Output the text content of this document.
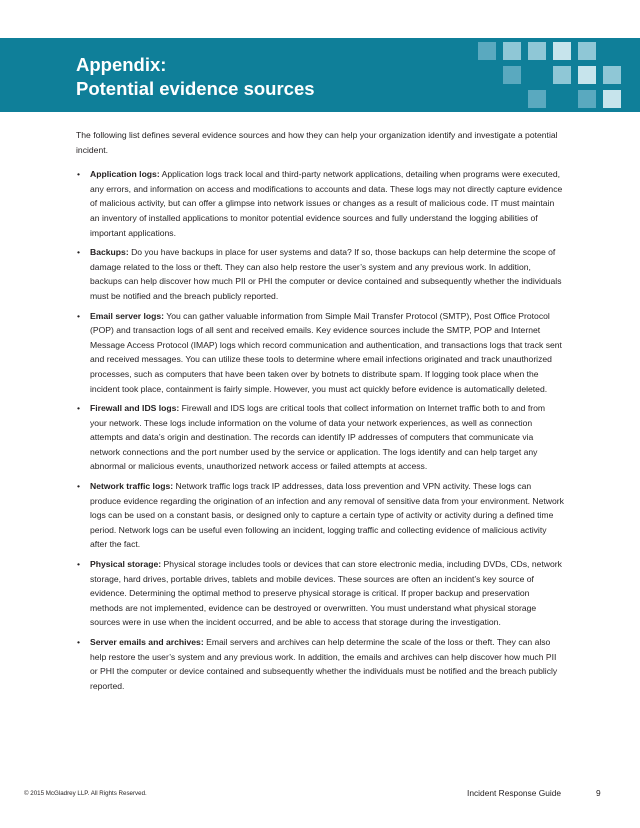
Appendix:
Potential evidence sources

The following list defines several evidence sources and how they can help your organization identify and investigate a potential incident.

• Application logs: Application logs track local and third-party network applications, detailing when programs were executed, any errors, and information on access and modifications to accounts and data. These logs may not directly capture evidence of malicious activity, but can offer a glimpse into network issues or changes as a result of malicious code. IT must maintain an inventory of installed applications to monitor potential evidence sources and fully understand the logging abilities of important applications.
• Backups: Do you have backups in place for user systems and data? If so, those backups can help determine the scope of damage related to the loss or theft. They can also help restore the user’s system and any previous work. In addition, backups can help discover how much PII or PHI the computer or device contained and subsequently whether the individuals must be notified and the breach publicly reported.
• Email server logs: You can gather valuable information from Simple Mail Transfer Protocol (SMTP), Post Office Protocol (POP) and transaction logs of all sent and received emails. Key evidence sources include the SMTP, POP and Internet Message Access Protocol (IMAP) logs which record communication and authentication, and transactions logs that track sent and received messages. You can utilize these tools to determine where email infections originated and track unauthorized processes, such as computers that have been taken over by botnets to distribute spam. If logging took place when the incident took place, containment is fairly simple. However, you must act quickly before evidence is automatically deleted.
• Firewall and IDS logs: Firewall and IDS logs are critical tools that collect information on Internet traffic both to and from your network. These logs include information on the volume of data your network experiences, as well as connection attempts and data’s origin and destination. The records can identify IP addresses of computers that communicate via network connections and the port number used by the service or application. The logs identify and can help target any abnormal or malicious events, unauthorized network access or failed attempts at access.
• Network traffic logs: Network traffic logs track IP addresses, data loss prevention and VPN activity. These logs can produce evidence regarding the origination of an infection and any removal of sensitive data from your environment. Network logs can be used on a constant basis, or designed only to capture a certain type of activity or activity during a defined time period. Network logs can be useful even following an incident, logging traffic and collecting evidence of malicious activity after the fact.
• Physical storage: Physical storage includes tools or devices that can store electronic media, including DVDs, CDs, network storage, hard drives, portable drives, tablets and mobile devices. These sources are often an incident’s key source of evidence. Determining the optimal method to preserve physical storage is critical. If proper backup and preservation methods are not implemented, evidence can be destroyed or overwritten. You must understand what physical storage sources were in use when the incident occurred, and be able to access that storage during the investigation.
• Server emails and archives: Email servers and archives can help determine the scale of the loss or theft. They can also help restore the user’s system and any previous work. In addition, the emails and archives can help discover how much PII or PHI the computer or device contained and subsequently whether the individuals must be notified and the breach publicly reported.
© 2015 McGladrey LLP. All Rights Reserved.	Incident Response Guide	9
